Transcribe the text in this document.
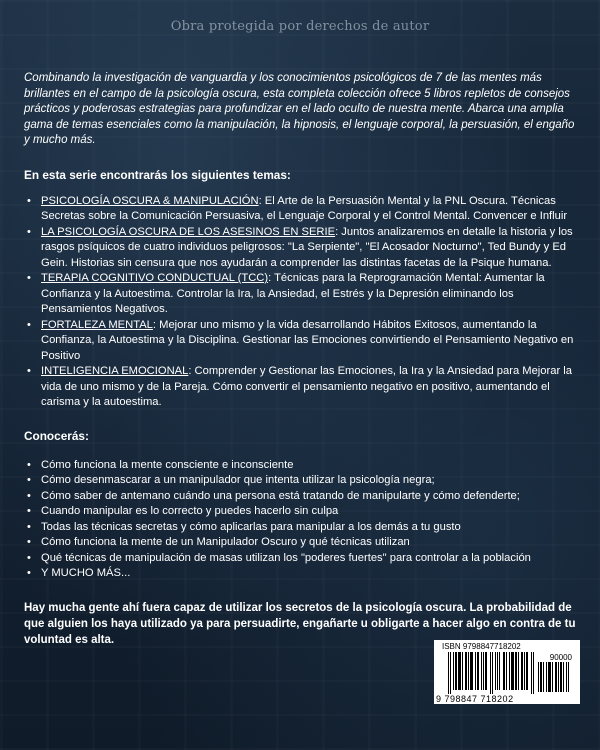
Obra protegida por derechos de autor

Combinando la investigación de vanguardia y los conocimientos psicológicos de 7 de las mentes más brillantes en el campo de la psicología oscura, esta completa colección ofrece 5 libros repletos de consejos prácticos y poderosas estrategias para profundizar en el lado oculto de nuestra mente. Abarca una amplia gama de temas esenciales como la manipulación, la hipnosis, el lenguaje corporal, la persuasión, el engaño y mucho más.

En esta serie encontrarás los siguientes temas:

• PSICOLOGÍA OSCURA & MANIPULACIÓN: El Arte de la Persuasión Mental y la PNL Oscura. Técnicas Secretas sobre la Comunicación Persuasiva, el Lenguaje Corporal y el Control Mental. Convencer e Influir
• LA PSICOLOGÍA OSCURA DE LOS ASESINOS EN SERIE: Juntos analizaremos en detalle la historia y los rasgos psíquicos de cuatro individuos peligrosos: "La Serpiente", "El Acosador Nocturno", Ted Bundy y Ed Gein. Historias sin censura que nos ayudarán a comprender las distintas facetas de la Psique humana.
• TERAPIA COGNITIVO CONDUCTUAL (TCC): Técnicas para la Reprogramación Mental: Aumentar la Confianza y la Autoestima. Controlar la Ira, la Ansiedad, el Estrés y la Depresión eliminando los Pensamientos Negativos.
• FORTALEZA MENTAL: Mejorar uno mismo y la vida desarrollando Hábitos Exitosos, aumentando la Confianza, la Autoestima y la Disciplina. Gestionar las Emociones convirtiendo el Pensamiento Negativo en Positivo
• INTELIGENCIA EMOCIONAL: Comprender y Gestionar las Emociones, la Ira y la Ansiedad para Mejorar la vida de uno mismo y de la Pareja. Cómo convertir el pensamiento negativo en positivo, aumentando el carisma y la autoestima.

Conocerás:

• Cómo funciona la mente consciente e inconsciente
• Cómo desenmascarar a un manipulador que intenta utilizar la psicología negra;
• Cómo saber de antemano cuándo una persona está tratando de manipularte y cómo defenderte;
• Cuando manipular es lo correcto y puedes hacerlo sin culpa
• Todas las técnicas secretas y cómo aplicarlas para manipular a los demás a tu gusto
• Cómo funciona la mente de un Manipulador Oscuro y qué técnicas utilizan
• Qué técnicas de manipulación de masas utilizan los "poderes fuertes" para controlar a la población
• Y MUCHO MÁS...

Hay mucha gente ahí fuera capaz de utilizar los secretos de la psicología oscura. La probabilidad de que alguien los haya utilizado ya para persuadirte, engañarte u obligarte a hacer algo en contra de tu voluntad es alta.

ISBN 9798847718202
90000
9 798847 718202
